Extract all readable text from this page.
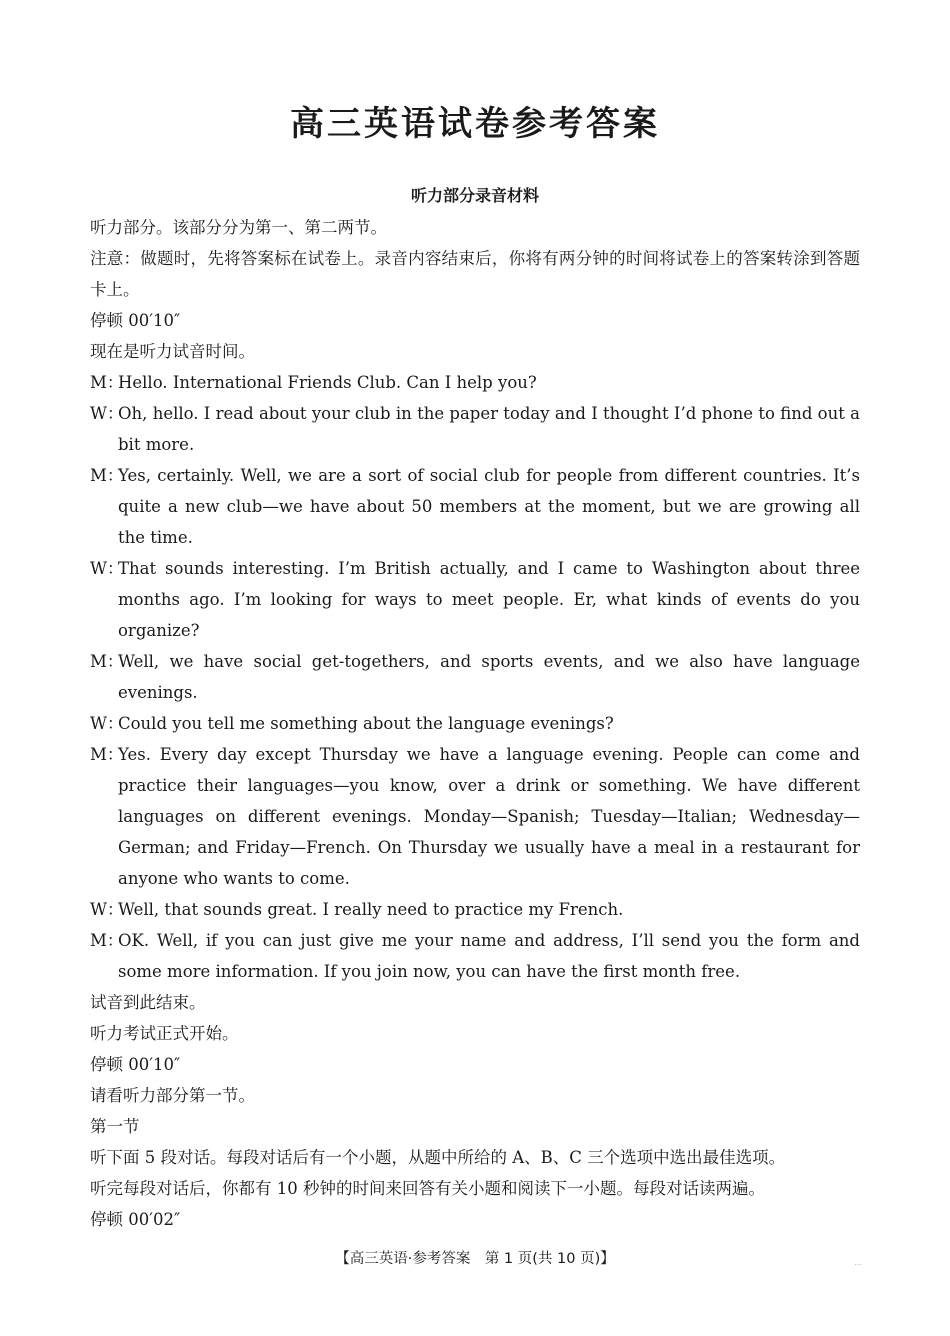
高三英语试卷参考答案
听力部分录音材料

听力部分。该部分分为第一、第二两节。

注意：做题时，先将答案标在试卷上。录音内容结束后，你将有两分钟的时间将试卷上的答案转涂到答题卡上。

停顿 00′10″

现在是听力试音时间。

M：Hello. International Friends Club. Can I help you?

W：Oh, hello. I read about your club in the paper today and I thought I’d phone to find out a bit more.

M：Yes, certainly. Well, we are a sort of social club for people from different countries. It’s quite a new club—we have about 50 members at the moment, but we are growing all the time.

W：That sounds interesting. I’m British actually, and I came to Washington about three months ago. I’m looking for ways to meet people. Er, what kinds of events do you organize?

M：Well, we have social get-togethers, and sports events, and we also have language evenings.

W：Could you tell me something about the language evenings?

M：Yes. Every day except Thursday we have a language evening. People can come and practice their languages—you know, over a drink or something. We have different languages on different evenings. Monday—Spanish; Tuesday—Italian; Wednesday—German; and Friday—French. On Thursday we usually have a meal in a restaurant for anyone who wants to come.

W：Well, that sounds great. I really need to practice my French.

M：OK. Well, if you can just give me your name and address, I’ll send you the form and some more information. If you join now, you can have the first month free.

试音到此结束。

听力考试正式开始。

停顿 00′10″

请看听力部分第一节。

第一节

听下面 5 段对话。每段对话后有一个小题，从题中所给的 A、B、C 三个选项中选出最佳选项。

听完每段对话后，你都有 10 秒钟的时间来回答有关小题和阅读下一小题。每段对话读两遍。

停顿 00′02″

【高三英语·参考答案　第 1 页(共 10 页)】	...
